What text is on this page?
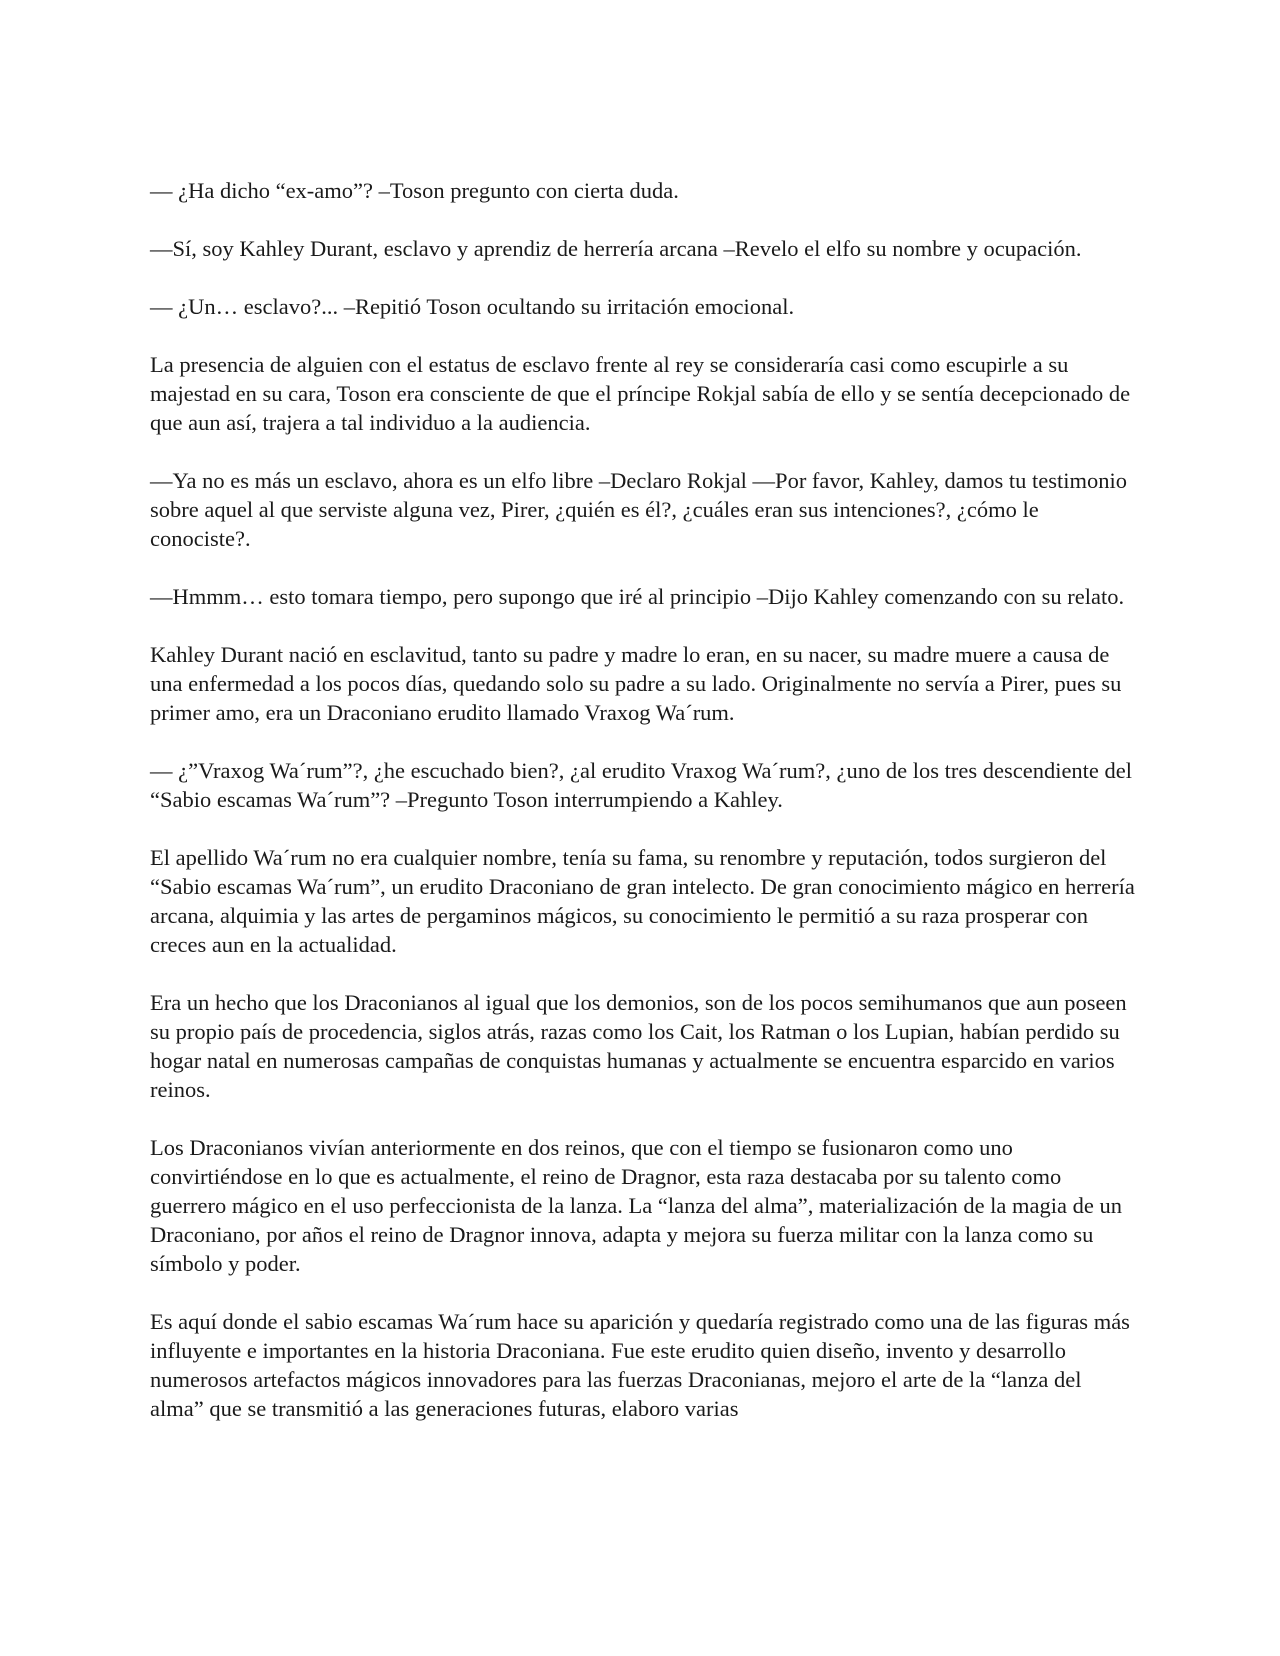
— ¿Ha dicho “ex-amo”? –Toson pregunto con cierta duda.

—Sí, soy Kahley Durant, esclavo y aprendiz de herrería arcana –Revelo el elfo su nombre y ocupación.

— ¿Un… esclavo?... –Repitió Toson ocultando su irritación emocional.

La presencia de alguien con el estatus de esclavo frente al rey se consideraría casi como escupirle a su majestad en su cara, Toson era consciente de que el príncipe Rokjal sabía de ello y se sentía decepcionado de que aun así, trajera a tal individuo a la audiencia.

—Ya no es más un esclavo, ahora es un elfo libre –Declaro Rokjal —Por favor, Kahley, damos tu testimonio sobre aquel al que serviste alguna vez, Pirer, ¿quién es él?, ¿cuáles eran sus intenciones?, ¿cómo le conociste?.

—Hmmm… esto tomara tiempo, pero supongo que iré al principio –Dijo Kahley comenzando con su relato.

Kahley Durant nació en esclavitud, tanto su padre y madre lo eran, en su nacer, su madre muere a causa de una enfermedad a los pocos días, quedando solo su padre a su lado. Originalmente no servía a Pirer, pues su primer amo, era un Draconiano erudito llamado Vraxog Wa´rum.

— ¿”Vraxog Wa´rum”?, ¿he escuchado bien?, ¿al erudito Vraxog Wa´rum?, ¿uno de los tres descendiente del “Sabio escamas Wa´rum”? –Pregunto Toson interrumpiendo a Kahley.

El apellido Wa´rum no era cualquier nombre, tenía su fama, su renombre y reputación, todos surgieron del “Sabio escamas Wa´rum”, un erudito Draconiano de gran intelecto. De gran conocimiento mágico en herrería arcana, alquimia y las artes de pergaminos mágicos, su conocimiento le permitió a su raza prosperar con creces aun en la actualidad.

Era un hecho que los Draconianos al igual que los demonios, son de los pocos semihumanos que aun poseen su propio país de procedencia, siglos atrás, razas como los Cait, los Ratman o los Lupian, habían perdido su hogar natal en numerosas campañas de conquistas humanas y actualmente se encuentra esparcido en varios reinos.

Los Draconianos vivían anteriormente en dos reinos, que con el tiempo se fusionaron como uno convirtiéndose en lo que es actualmente, el reino de Dragnor, esta raza destacaba por su talento como guerrero mágico en el uso perfeccionista de la lanza. La “lanza del alma”, materialización de la magia de un Draconiano, por años el reino de Dragnor innova, adapta y mejora su fuerza militar con la lanza como su símbolo y poder.

Es aquí donde el sabio escamas Wa´rum hace su aparición y quedaría registrado como una de las figuras más influyente e importantes en la historia Draconiana. Fue este erudito quien diseño, invento y desarrollo numerosos artefactos mágicos innovadores para las fuerzas Draconianas, mejoro el arte de la “lanza del alma” que se transmitió a las generaciones futuras, elaboro varias
